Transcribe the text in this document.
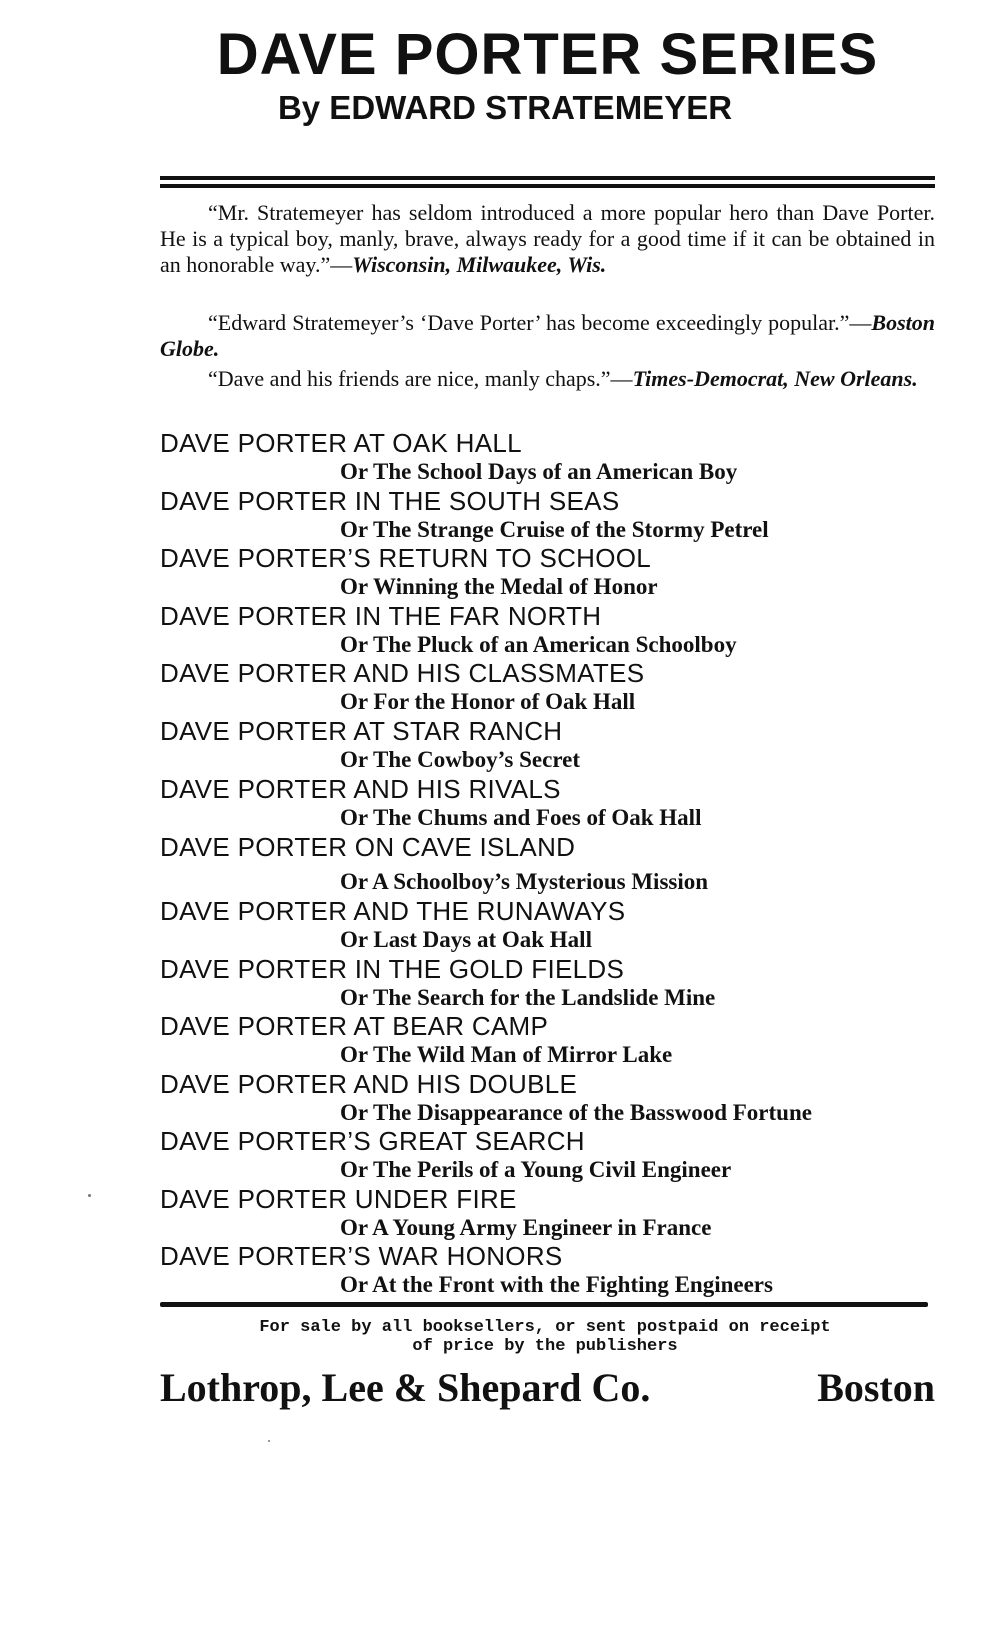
DAVE PORTER SERIES
By EDWARD STRATEMEYER

“Mr. Stratemeyer has seldom introduced a more popular hero than Dave Porter. He is a typical boy, manly, brave, always ready for a good time if it can be obtained in an honorable way.”—Wisconsin, Milwaukee, Wis.

“Edward Stratemeyer’s ‘Dave Porter’ has become exceedingly popular.”—Boston Globe.

“Dave and his friends are nice, manly chaps.”—Times-Democrat, New Orleans.

DAVE PORTER AT OAK HALL
Or The School Days of an American Boy
DAVE PORTER IN THE SOUTH SEAS
Or The Strange Cruise of the Stormy Petrel
DAVE PORTER’S RETURN TO SCHOOL
Or Winning the Medal of Honor
DAVE PORTER IN THE FAR NORTH
Or The Pluck of an American Schoolboy
DAVE PORTER AND HIS CLASSMATES
Or For the Honor of Oak Hall
DAVE PORTER AT STAR RANCH
Or The Cowboy’s Secret
DAVE PORTER AND HIS RIVALS
Or The Chums and Foes of Oak Hall
DAVE PORTER ON CAVE ISLAND
Or A Schoolboy’s Mysterious Mission
DAVE PORTER AND THE RUNAWAYS
Or Last Days at Oak Hall
DAVE PORTER IN THE GOLD FIELDS
Or The Search for the Landslide Mine
DAVE PORTER AT BEAR CAMP
Or The Wild Man of Mirror Lake
DAVE PORTER AND HIS DOUBLE
Or The Disappearance of the Basswood Fortune
DAVE PORTER’S GREAT SEARCH
Or The Perils of a Young Civil Engineer
DAVE PORTER UNDER FIRE
Or A Young Army Engineer in France
DAVE PORTER’S WAR HONORS
Or At the Front with the Fighting Engineers

For sale by all booksellers, or sent postpaid on receipt
of price by the publishers

Lothrop, Lee & Shepard Co.	Boston
